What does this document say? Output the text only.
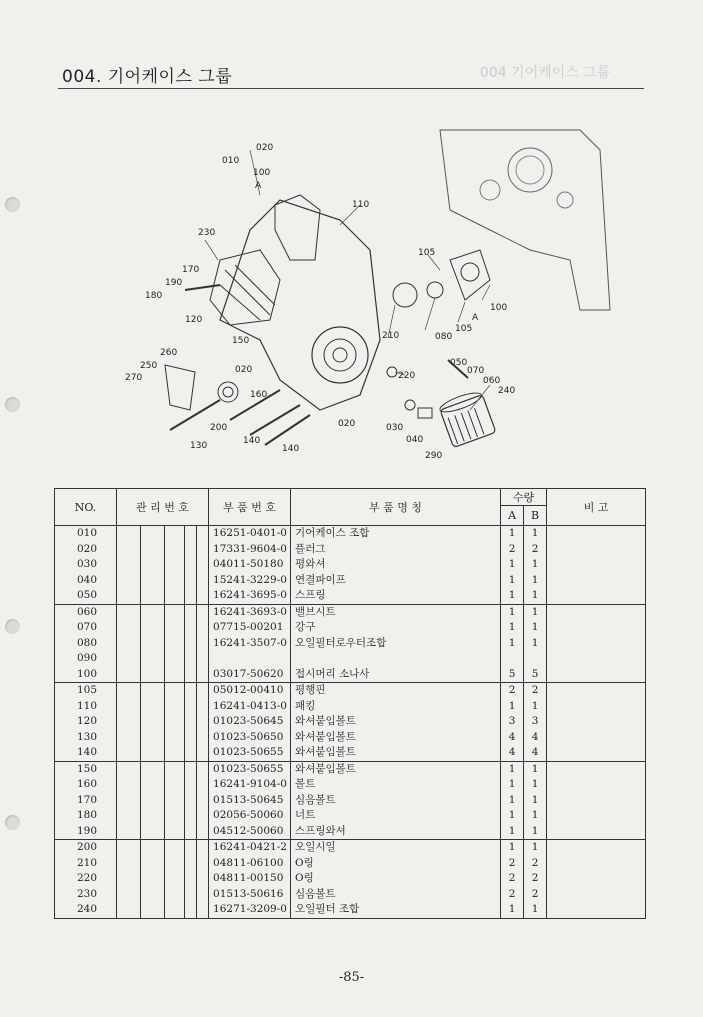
004. 기어케이스 그룹	004 기어케이스 그룹
020
010
100
A
110
230
170
190
180
120
105
100
105
A
080
210
150
260
250
270
020
160
130
200
140
140
020
220
050
070
060
240
030
040
290
NO.	관 리 번 호					부 품 번 호	부 품 명 칭	수량		비 고
								A	B	
010						16251-0401-0	기어케이스 조합	1	1	
020						17331-9604-0	플러그	2	2	
030						04011-50180	평와셔	1	1	
040						15241-3229-0	연결파이프	1	1	
050						16241-3695-0	스프링	1	1	
060						16241-3693-0	밸브시트	1	1	
070						07715-00201	강구	1	1	
080						16241-3507-0	오일필터로우터조합	1	1	
090										
100						03017-50620	접시머리 소나사	5	5	
105						05012-00410	평행핀	2	2	
110						16241-0413-0	패킹	1	1	
120						01023-50645	와셔붙임볼트	3	3	
130						01023-50650	와셔붙임볼트	4	4	
140						01023-50655	와셔붙임볼트	4	4	
150						01023-50655	와셔붙임볼트	1	1	
160						16241-9104-0	볼트	1	1	
170						01513-50645	심음볼트	1	1	
180						02056-50060	너트	1	1	
190						04512-50060	스프링와셔	1	1	
200						16241-0421-2	오일시일	1	1	
210						04811-06100	O링	2	2	
220						04811-00150	O링	2	2	
230						01513-50616	심음볼트	2	2	
240						16271-3209-0	오일필터 조합	1	1	
-85-
